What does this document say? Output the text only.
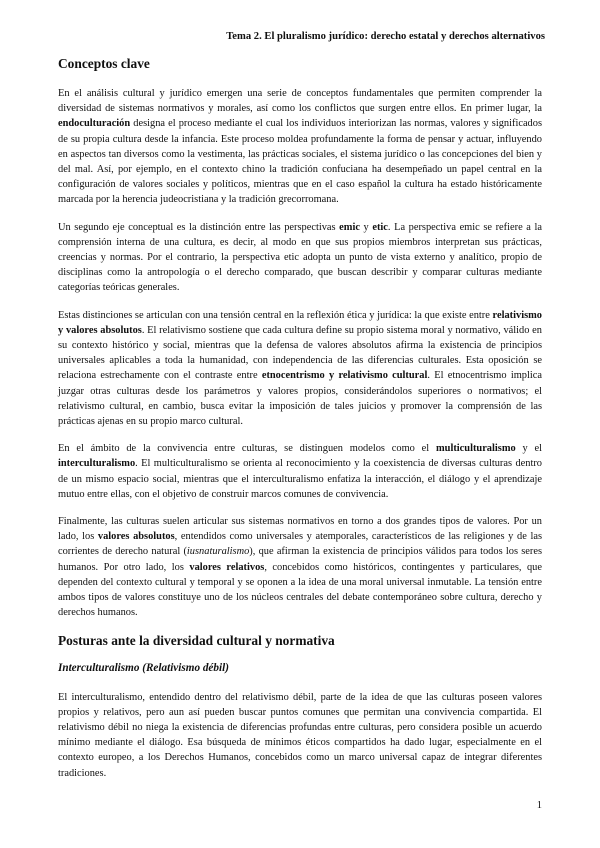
Tema 2. El pluralismo jurídico: derecho estatal y derechos alternativos
Conceptos clave

En el análisis cultural y jurídico emergen una serie de conceptos fundamentales que permiten comprender la diversidad de sistemas normativos y morales, así como los conflictos que surgen entre ellos. En primer lugar, la endoculturación designa el proceso mediante el cual los individuos interiorizan las normas, valores y significados de su propia cultura desde la infancia. Este proceso moldea profundamente la forma de pensar y actuar, influyendo en aspectos tan diversos como la vestimenta, las prácticas sociales, el sistema jurídico o las concepciones del bien y del mal. Así, por ejemplo, en el contexto chino la tradición confuciana ha desempeñado un papel central en la configuración de valores sociales y políticos, mientras que en el caso español la cultura ha estado históricamente marcada por la herencia judeocristiana y la tradición grecorromana.

Un segundo eje conceptual es la distinción entre las perspectivas emic y etic. La perspectiva emic se refiere a la comprensión interna de una cultura, es decir, al modo en que sus propios miembros interpretan sus prácticas, creencias y normas. Por el contrario, la perspectiva etic adopta un punto de vista externo y analítico, propio de disciplinas como la antropología o el derecho comparado, que buscan describir y comparar culturas mediante categorías teóricas generales.

Estas distinciones se articulan con una tensión central en la reflexión ética y jurídica: la que existe entre relativismo y valores absolutos. El relativismo sostiene que cada cultura define su propio sistema moral y normativo, válido en su contexto histórico y social, mientras que la defensa de valores absolutos afirma la existencia de principios universales aplicables a toda la humanidad, con independencia de las diferencias culturales. Esta oposición se relaciona estrechamente con el contraste entre etnocentrismo y relativismo cultural. El etnocentrismo implica juzgar otras culturas desde los parámetros y valores propios, considerándolos superiores o normativos; el relativismo cultural, en cambio, busca evitar la imposición de tales juicios y promover la comprensión de las prácticas ajenas en su propio marco cultural.

En el ámbito de la convivencia entre culturas, se distinguen modelos como el multiculturalismo y el interculturalismo. El multiculturalismo se orienta al reconocimiento y la coexistencia de diversas culturas dentro de un mismo espacio social, mientras que el interculturalismo enfatiza la interacción, el diálogo y el aprendizaje mutuo entre ellas, con el objetivo de construir marcos comunes de convivencia.

Finalmente, las culturas suelen articular sus sistemas normativos en torno a dos grandes tipos de valores. Por un lado, los valores absolutos, entendidos como universales y atemporales, característicos de las religiones y de las corrientes de derecho natural (iusnaturalismo), que afirman la existencia de principios válidos para todos los seres humanos. Por otro lado, los valores relativos, concebidos como históricos, contingentes y particulares, que dependen del contexto cultural y temporal y se oponen a la idea de una moral universal inmutable. La tensión entre ambos tipos de valores constituye uno de los núcleos centrales del debate contemporáneo sobre cultura, derecho y derechos humanos.

Posturas ante la diversidad cultural y normativa
Interculturalismo (Relativismo débil)

El interculturalismo, entendido dentro del relativismo débil, parte de la idea de que las culturas poseen valores propios y relativos, pero aun así pueden buscar puntos comunes que permitan una convivencia compartida. El relativismo débil no niega la existencia de diferencias profundas entre culturas, pero considera posible un acuerdo mínimo mediante el diálogo. Esa búsqueda de mínimos éticos compartidos ha dado lugar, especialmente en el contexto europeo, a los Derechos Humanos, concebidos como un marco universal capaz de integrar diferentes tradiciones.

1
